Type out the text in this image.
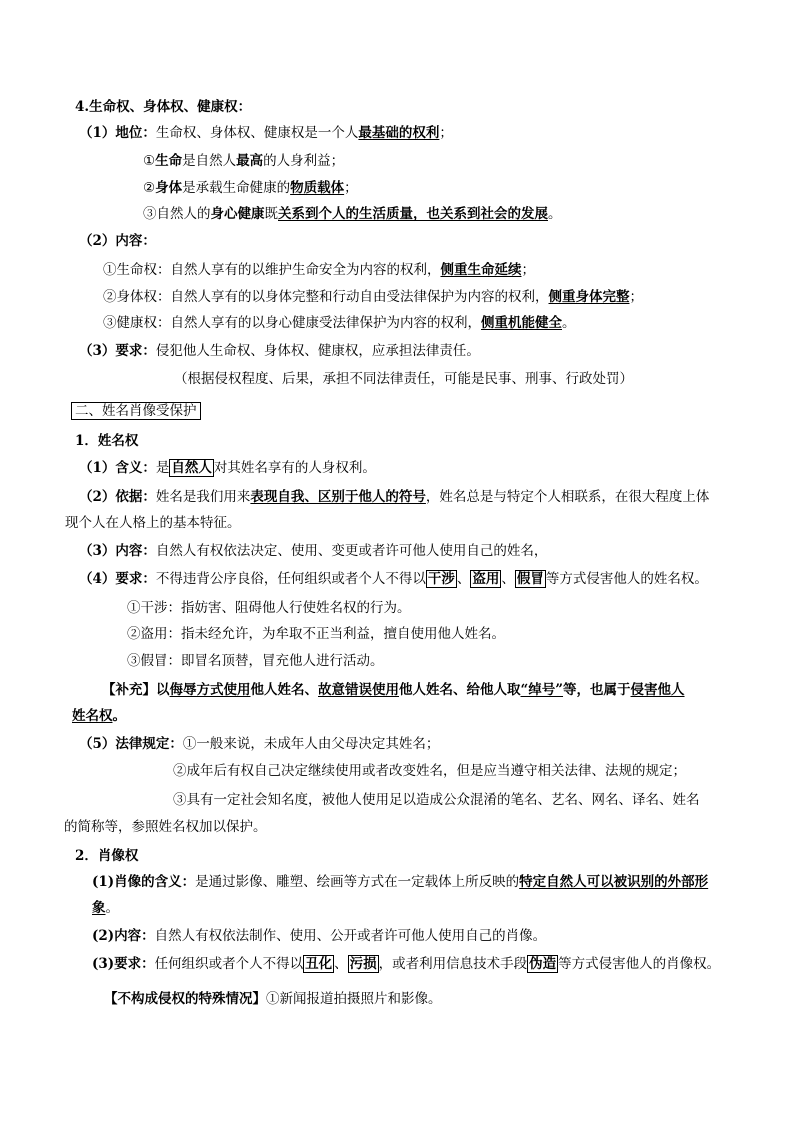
4.生命权、身体权、健康权：
（1）地位：生命权、身体权、健康权是一个人最基础的权利；
①生命是自然人最高的人身利益；
②身体是承载生命健康的物质载体；
③自然人的身心健康既关系到个人的生活质量，也关系到社会的发展。
（2）内容：
①生命权：自然人享有的以维护生命安全为内容的权利，侧重生命延续；
②身体权：自然人享有的以身体完整和行动自由受法律保护为内容的权利，侧重身体完整；
③健康权：自然人享有的以身心健康受法律保护为内容的权利，侧重机能健全。
（3）要求：侵犯他人生命权、身体权、健康权，应承担法律责任。
（根据侵权程度、后果，承担不同法律责任，可能是民事、刑事、行政处罚）
二、姓名肖像受保护
1．姓名权
（1）含义：是 自然人 对其姓名享有的人身权利。
（2）依据：姓名是我们用来表现自我、区别于他人的符号，姓名总是与特定个人相联系，在很大程度上体
现个人在人格上的基本特征。
（3）内容：自然人有权依法决定、使用、变更或者许可他人使用自己的姓名，
（4）要求：不得违背公序良俗，任何组织或者个人不得以 干涉 、 盗用 、 假冒 等方式侵害他人的姓名权。
①干涉：指妨害、阻碍他人行使姓名权的行为。
②盗用：指未经允许，为牟取不正当利益，擅自使用他人姓名。
③假冒：即冒名顶替，冒充他人进行活动。
【补充】以侮辱方式使用他人姓名、故意错误使用他人姓名、给他人取“绰号”等，也属于侵害他人
姓名权。
（5）法律规定：①一般来说，未成年人由父母决定其姓名；
②成年后有权自己决定继续使用或者改变姓名，但是应当遵守相关法律、法规的规定；
③具有一定社会知名度，被他人使用足以造成公众混淆的笔名、艺名、网名、译名、姓名
的简称等，参照姓名权加以保护。
2．肖像权
(1)肖像的含义：是通过影像、雕塑、绘画等方式在一定载体上所反映的特定自然人可以被识别的外部形
象。
(2)内容：自然人有权依法制作、使用、公开或者许可他人使用自己的肖像。
(3)要求：任何组织或者个人不得以 丑化 、 污损 ，或者利用信息技术手段 伪造 等方式侵害他人的肖像权。
【不构成侵权的特殊情况】①新闻报道拍摄照片和影像。
